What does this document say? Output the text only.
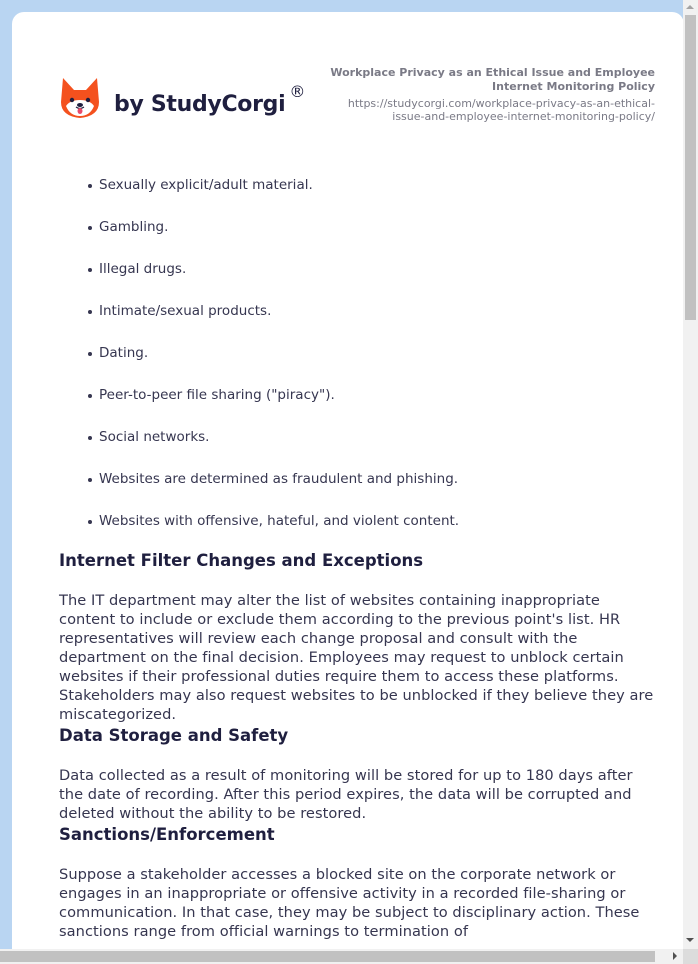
by StudyCorgi®
Workplace Privacy as an Ethical Issue and Employee Internet Monitoring Policy
https://studycorgi.com/workplace-privacy-as-an-ethical-issue-and-employee-internet-monitoring-policy/
Sexually explicit/adult material.
Gambling.
Illegal drugs.
Intimate/sexual products.
Dating.
Peer-to-peer file sharing ("piracy").
Social networks.
Websites are determined as fraudulent and phishing.
Websites with offensive, hateful, and violent content.
Internet Filter Changes and Exceptions

The IT department may alter the list of websites containing inappropriate content to include or exclude them according to the previous point's list. HR representatives will review each change proposal and consult with the department on the final decision. Employees may request to unblock certain websites if their professional duties require them to access these platforms. Stakeholders may also request websites to be unblocked if they believe they are miscategorized.

Data Storage and Safety

Data collected as a result of monitoring will be stored for up to 180 days after the date of recording. After this period expires, the data will be corrupted and deleted without the ability to be restored.

Sanctions/Enforcement

Suppose a stakeholder accesses a blocked site on the corporate network or engages in an inappropriate or offensive activity in a recorded file-sharing or communication. In that case, they may be subject to disciplinary action. These sanctions range from official warnings to termination of
